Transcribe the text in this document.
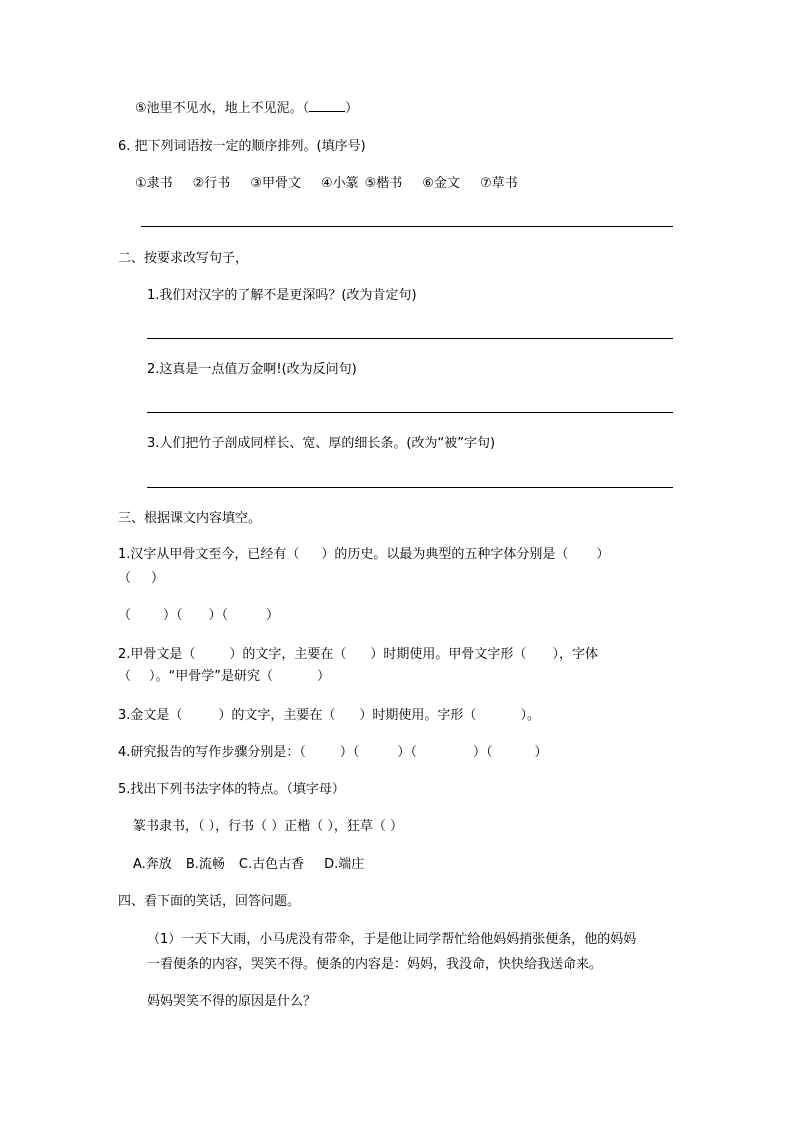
⑤池里不见水，地上不见泥。（	）
6. 把下列词语按一定的顺序排列。(填序号)
①隶书 ②行书 ③甲骨文 ④小篆 ⑤楷书 ⑥金文 ⑦草书
二、按要求改写句子，
1.我们对汉字的了解不是更深吗？(改为肯定句)
2.这真是一点值万金啊!(改为反问句)
3.人们把竹子剖成同样长、宽、厚的细长条。(改为“被”字句)
三、根据课文内容填空。
1.汉字从甲骨文至今，已经有（ ）的历史。以最为典型的五种字体分别是（ ）
（ ）
（ ）（ ）（	）
2.甲骨文是（	）的文字，主要在（ ）时期使用。甲骨文字形（ ），字体
（ ）。“甲骨学”是研究（	）
3.金文是（	）的文字，主要在（ ）时期使用。字形（	）。
4.研究报告的写作步骤分别是：（	）（	）（	）（	）
5.找出下列书法字体的特点。（填字母）
篆书隶书，（ ），行书（ ）正楷（ ），狂草（ ）
A.奔放 B.流畅 C.古色古香 D.端庄
四、看下面的笑话，回答问题。
（1）一天下大雨，小马虎没有带伞，于是他让同学帮忙给他妈妈捎张便条，他的妈妈
一看便条的内容，哭笑不得。便条的内容是：妈妈，我没命，快快给我送命来。
妈妈哭笑不得的原因是什么？
